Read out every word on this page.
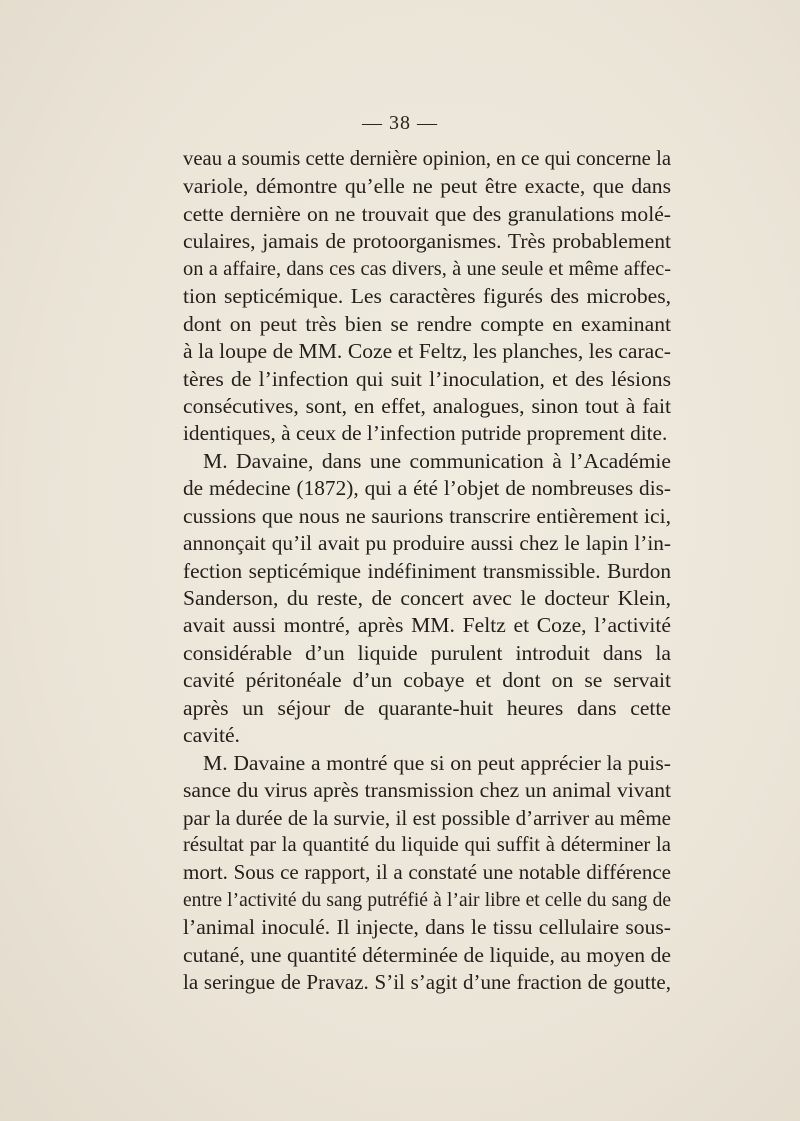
— 38 —
veau a soumis cette dernière opinion, en ce qui concerne la
variole, démontre qu’elle ne peut être exacte, que dans
cette dernière on ne trouvait que des granulations molé-
culaires, jamais de protoorganismes. Très probablement
on a affaire, dans ces cas divers, à une seule et même affec-
tion septicémique. Les caractères figurés des microbes,
dont on peut très bien se rendre compte en examinant
à la loupe de MM. Coze et Feltz, les planches, les carac-
tères de l’infection qui suit l’inoculation, et des lésions
consécutives, sont, en effet, analogues, sinon tout à fait
identiques, à ceux de l’infection putride proprement dite.
M. Davaine, dans une communication à l’Académie
de médecine (1872), qui a été l’objet de nombreuses dis-
cussions que nous ne saurions transcrire entièrement ici,
annonçait qu’il avait pu produire aussi chez le lapin l’in-
fection septicémique indéfiniment transmissible. Burdon
Sanderson, du reste, de concert avec le docteur Klein,
avait aussi montré, après MM. Feltz et Coze, l’activité
considérable d’un liquide purulent introduit dans la
cavité péritonéale d’un cobaye et dont on se servait
après un séjour de quarante-huit heures dans cette
cavité.
M. Davaine a montré que si on peut apprécier la puis-
sance du virus après transmission chez un animal vivant
par la durée de la survie, il est possible d’arriver au même
résultat par la quantité du liquide qui suffit à déterminer la
mort. Sous ce rapport, il a constaté une notable différence
entre l’activité du sang putréfié à l’air libre et celle du sang de
l’animal inoculé. Il injecte, dans le tissu cellulaire sous-
cutané, une quantité déterminée de liquide, au moyen de
la seringue de Pravaz. S’il s’agit d’une fraction de goutte,
